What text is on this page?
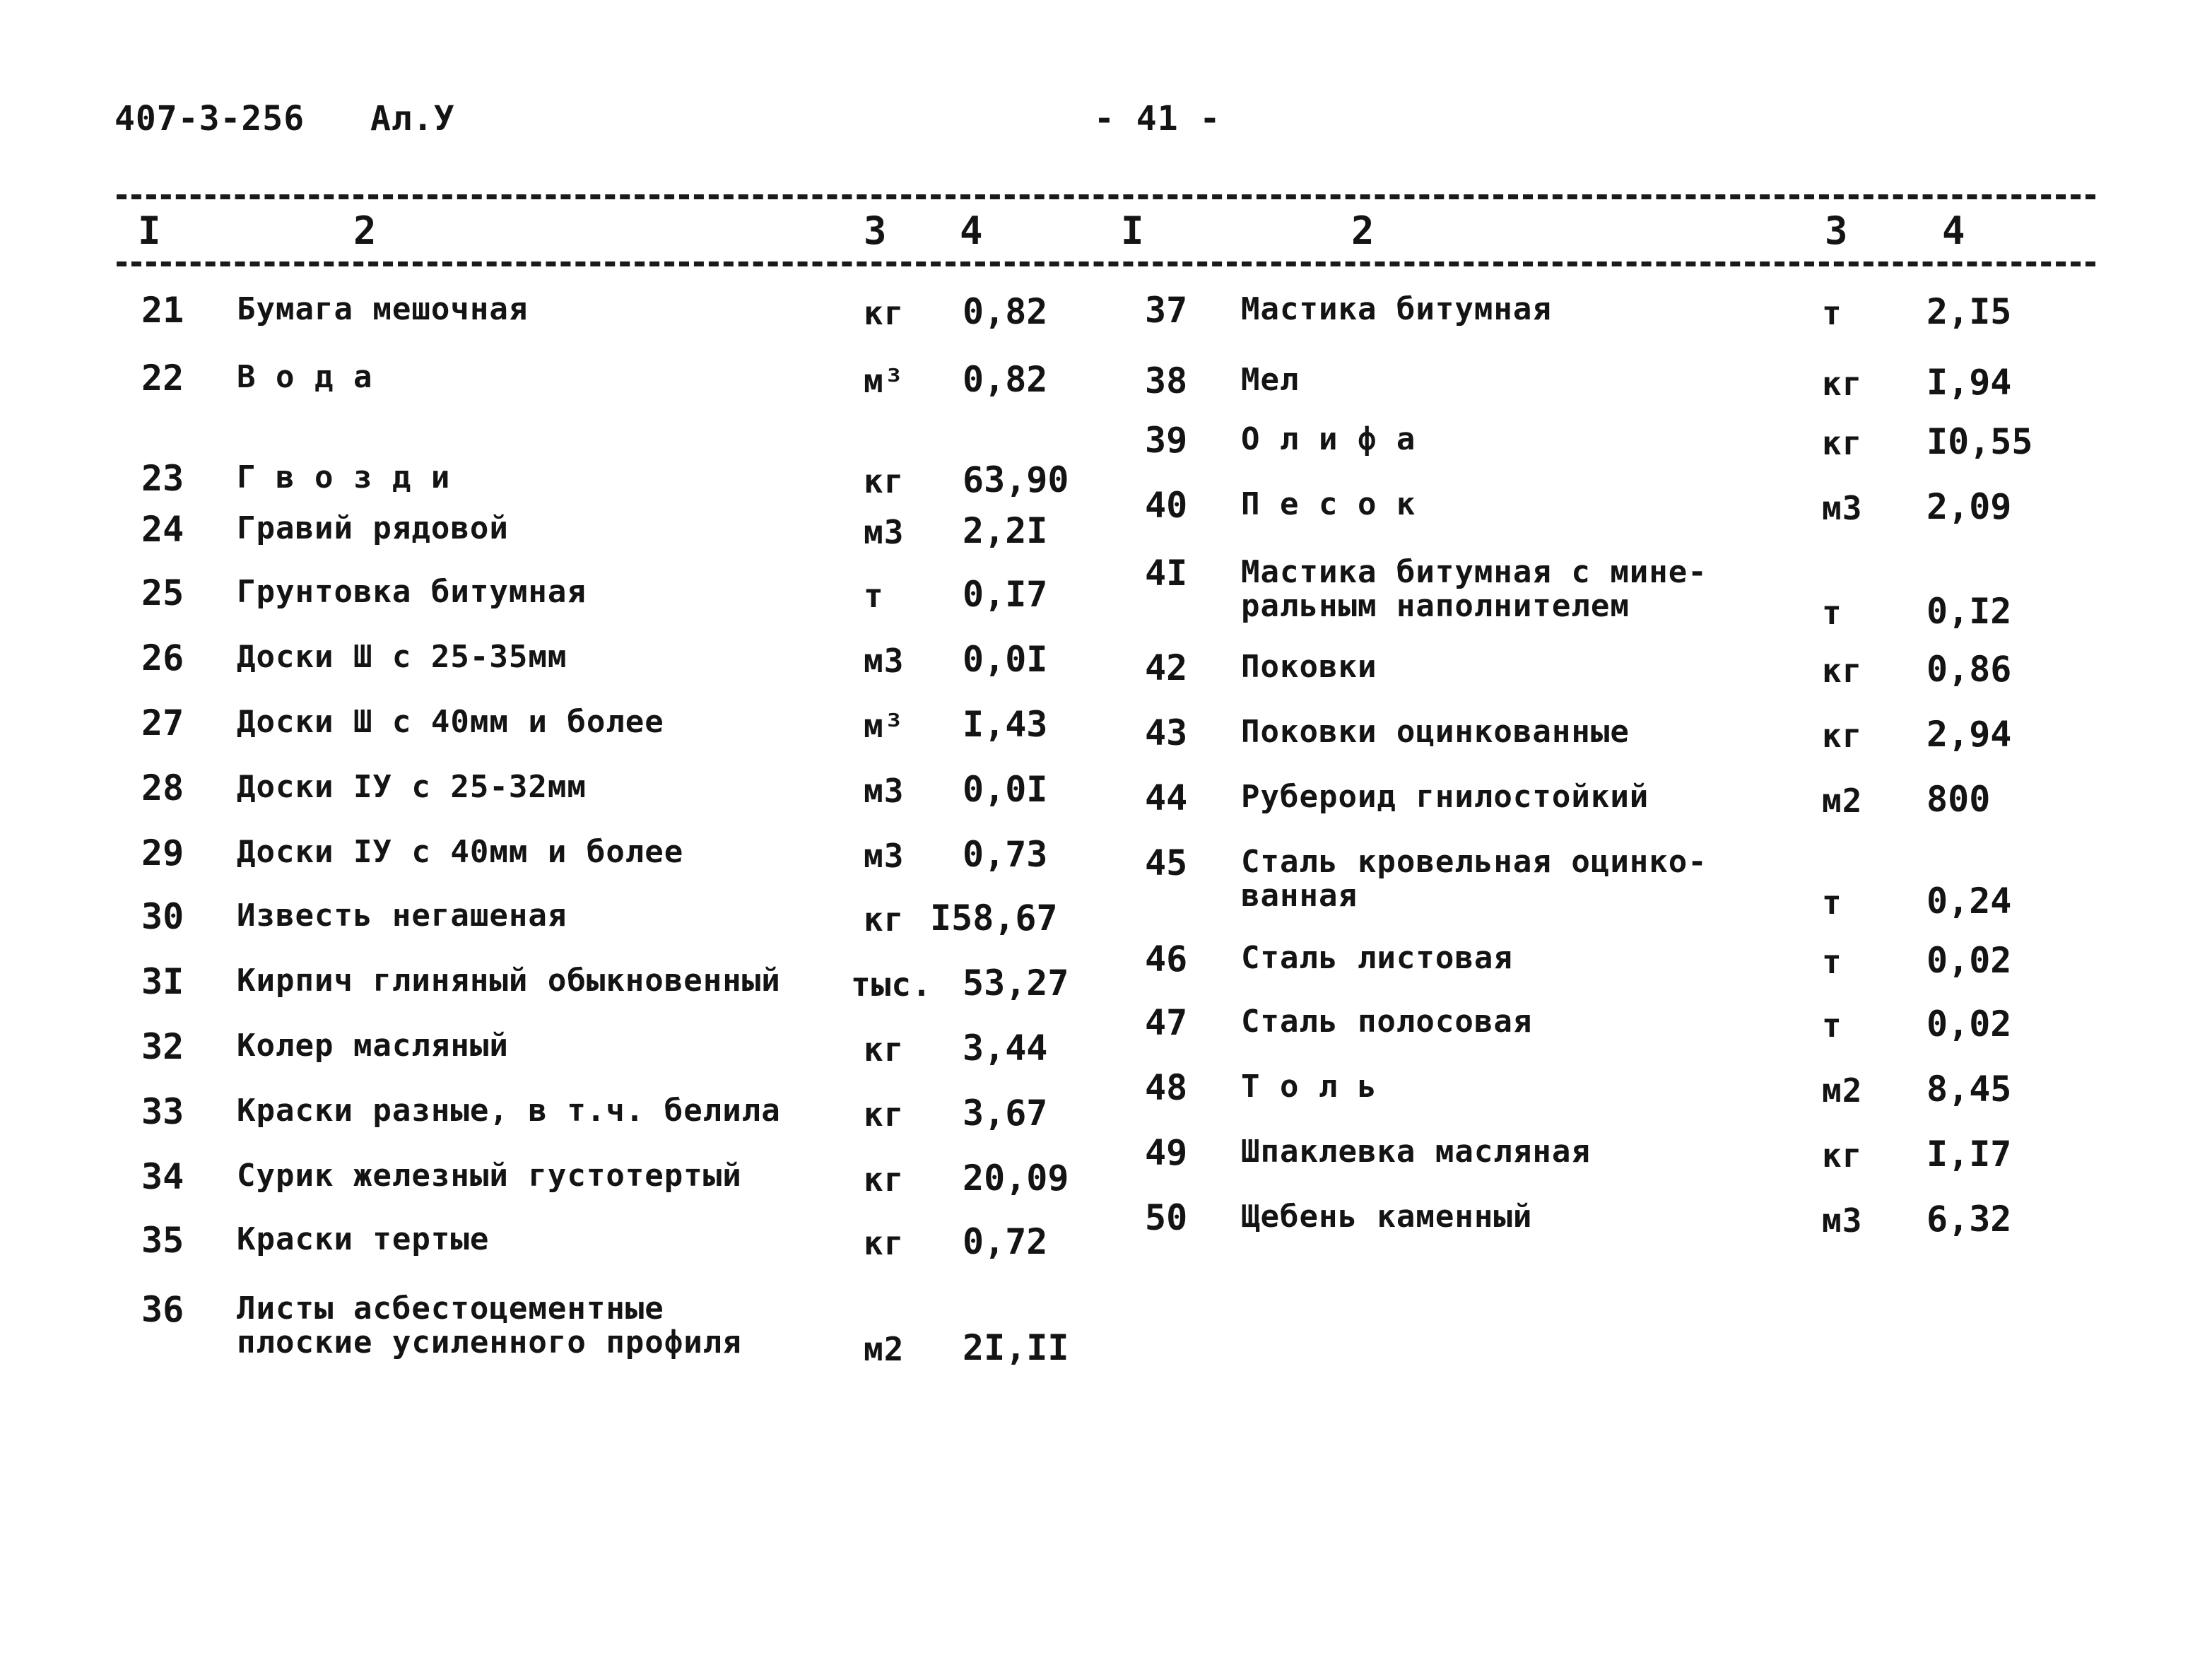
407-3-256 Ал.У	- 41 -
I	2	3 4	I	2	3 4
21 Бумага мешочная	кг 0,82
22 В о д а	м³ 0,82
23 Г в о з д и	кг 63,90
24 Гравий рядовой	м3 2,2I
25 Грунтовка битумная	т 0,I7
26 Доски Ш с 25-35мм	м3 0,0I
27 Доски Ш с 40мм и более	м³ I,43
28 Доски IУ с 25-32мм	м3 0,0I
29 Доски IУ с 40мм и более	м3 0,73
30 Известь негашеная	кг I58,67
3I Кирпич глиняный обыкновенный тыс. 53,27
32 Колер масляный	кг 3,44
33 Краски разные, в т.ч. белила	кг 3,67
34 Сурик железный густотертый	кг 20,09
35 Краски тертые	кг 0,72
36 Листы асбестоцементные
плоские усиленного профиля	м2 2I,II
37 Мастика битумная	т 2,I5
38 Мел	кг I,94
39 О л и ф а	кг I0,55
40 П е с о к	м3 2,09
4I Мастика битумная с мине-
ральным наполнителем	т 0,I2
42 Поковки	кг 0,86
43 Поковки оцинкованные	кг 2,94
44 Рубероид гнилостойкий	м2 800
45 Сталь кровельная оцинко-
ванная	т 0,24
46 Сталь листовая	т 0,02
47 Сталь полосовая	т 0,02
48 Т о л ь	м2 8,45
49 Шпаклевка масляная	кг I,I7
50 Щебень каменный	м3 6,32
